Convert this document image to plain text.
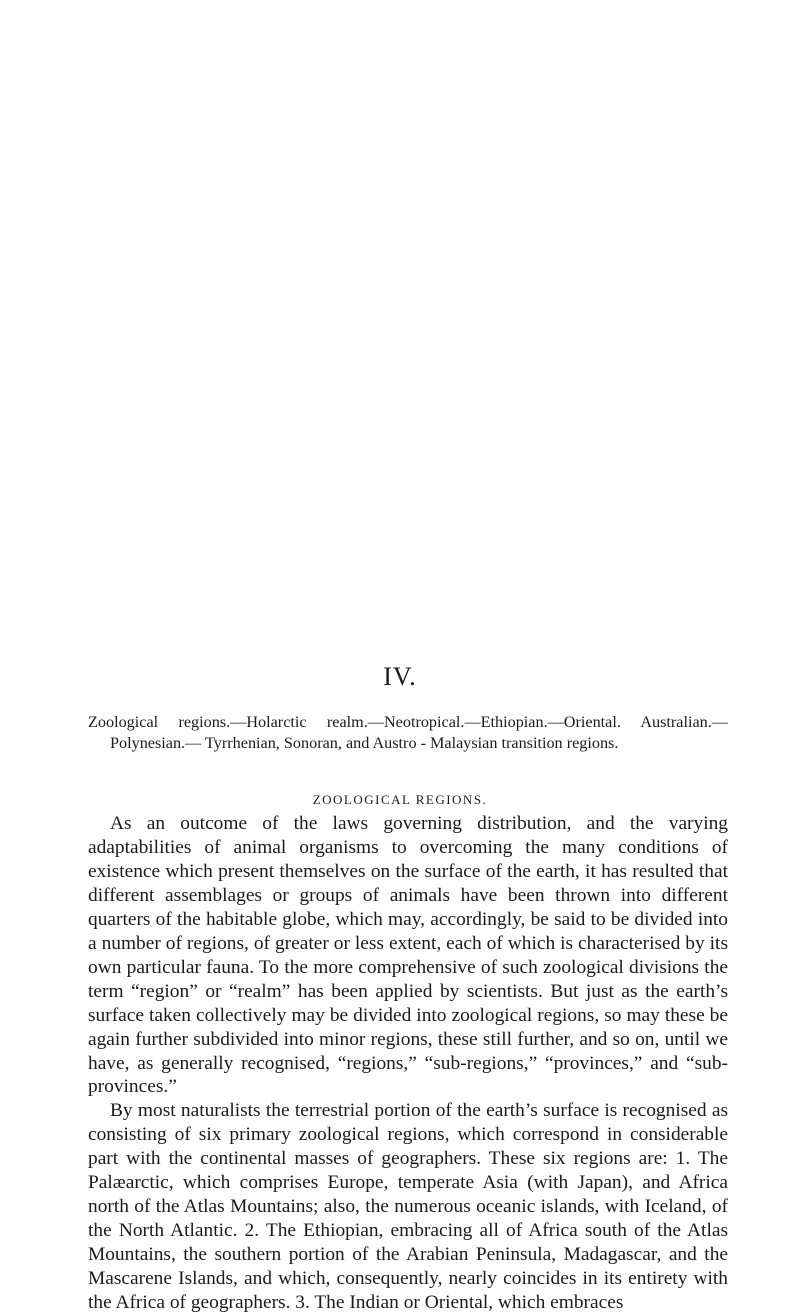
IV.

Zoological regions.—Holarctic realm.—Neotropical.—Ethiopian.—Oriental. Australian.— Polynesian.— Tyrrhenian, Sonoran, and Austro - Malaysian transition regions.

ZOOLOGICAL REGIONS.

As an outcome of the laws governing distribution, and the varying adaptabilities of animal organisms to overcoming the many conditions of existence which present themselves on the surface of the earth, it has resulted that different assemblages or groups of animals have been thrown into different quarters of the habitable globe, which may, accordingly, be said to be divided into a number of regions, of greater or less extent, each of which is characterised by its own particular fauna. To the more comprehensive of such zoological divisions the term “region” or “realm” has been applied by scientists. But just as the earth’s surface taken collectively may be divided into zoological regions, so may these be again further subdivided into minor regions, these still further, and so on, until we have, as generally recognised, “regions,” “sub-regions,” “provinces,” and “sub-provinces.”

By most naturalists the terrestrial portion of the earth’s surface is recognised as consisting of six primary zoological regions, which correspond in considerable part with the continental masses of geographers. These six regions are: 1. The Palæarctic, which comprises Europe, temperate Asia (with Japan), and Africa north of the Atlas Mountains; also, the numerous oceanic islands, with Iceland, of the North Atlantic. 2. The Ethiopian, embracing all of Africa south of the Atlas Mountains, the southern portion of the Arabian Peninsula, Madagascar, and the Mascarene Islands, and which, consequently, nearly coincides in its entirety with the Africa of geographers. 3. The Indian or Oriental, which embraces
